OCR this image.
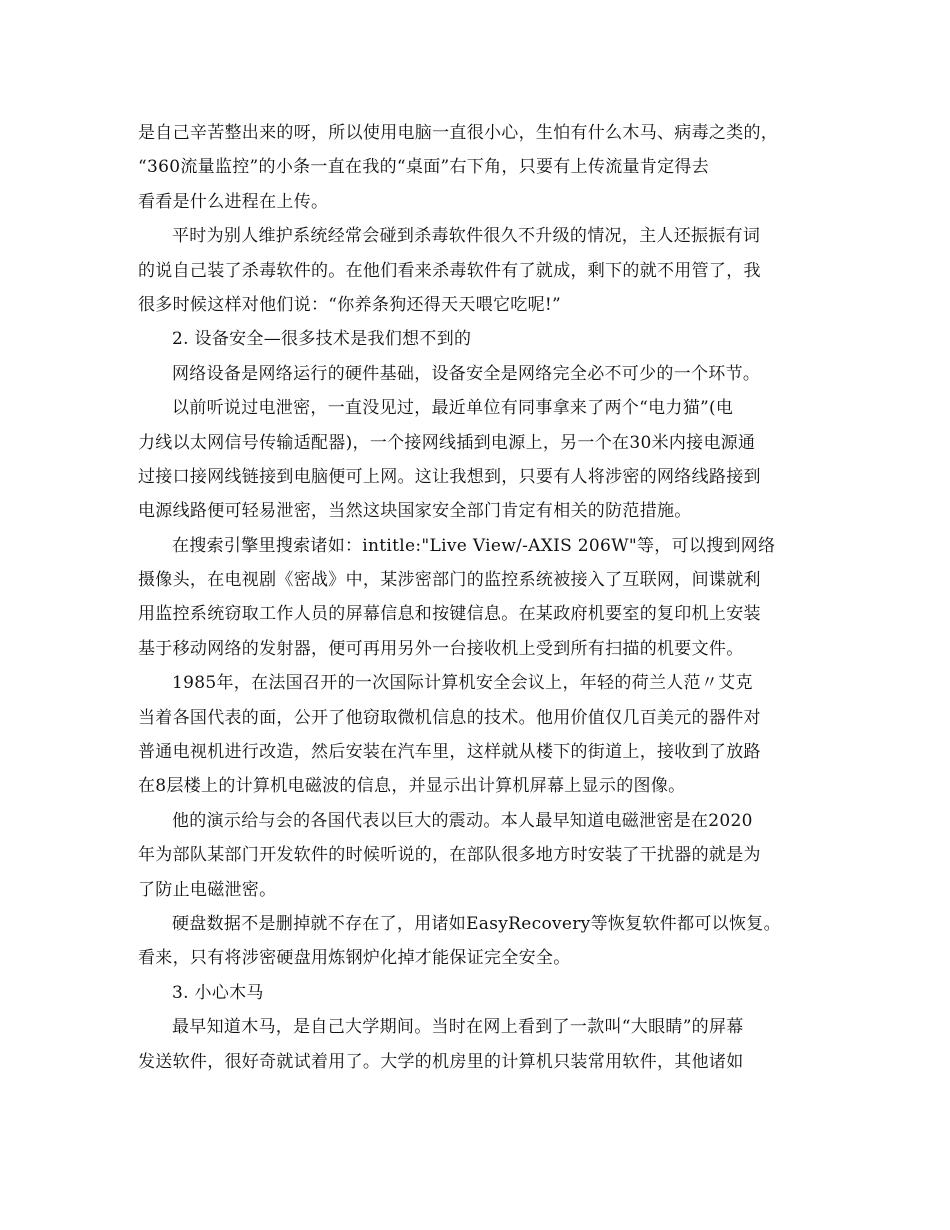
是自己辛苦整出来的呀，所以使用电脑一直很小心，生怕有什么木马、病毒之类的，
“360流量监控”的小条一直在我的“桌面”右下角，只要有上传流量肯定得去
看看是什么进程在上传。
平时为别人维护系统经常会碰到杀毒软件很久不升级的情况，主人还振振有词
的说自己装了杀毒软件的。在他们看来杀毒软件有了就成，剩下的就不用管了，我
很多时候这样对他们说：“你养条狗还得天天喂它吃呢!”
2. 设备安全—很多技术是我们想不到的
网络设备是网络运行的硬件基础，设备安全是网络完全必不可少的一个环节。
以前听说过电泄密，一直没见过，最近单位有同事拿来了两个“电力猫”(电
力线以太网信号传输适配器)，一个接网线插到电源上，另一个在30米内接电源通
过接口接网线链接到电脑便可上网。这让我想到，只要有人将涉密的网络线路接到
电源线路便可轻易泄密，当然这块国家安全部门肯定有相关的防范措施。
在搜索引擎里搜索诸如：intitle:"Live View/-AXIS 206W"等，可以搜到网络
摄像头，在电视剧《密战》中，某涉密部门的监控系统被接入了互联网，间谍就利
用监控系统窃取工作人员的屏幕信息和按键信息。在某政府机要室的复印机上安装
基于移动网络的发射器，便可再用另外一台接收机上受到所有扫描的机要文件。
1985年，在法国召开的一次国际计算机安全会议上，年轻的荷兰人范〃艾克
当着各国代表的面，公开了他窃取微机信息的技术。他用价值仅几百美元的器件对
普通电视机进行改造，然后安装在汽车里，这样就从楼下的街道上，接收到了放路
在8层楼上的计算机电磁波的信息，并显示出计算机屏幕上显示的图像。
他的演示给与会的各国代表以巨大的震动。本人最早知道电磁泄密是在2020
年为部队某部门开发软件的时候听说的，在部队很多地方时安装了干扰器的就是为
了防止电磁泄密。
硬盘数据不是删掉就不存在了，用诸如EasyRecovery等恢复软件都可以恢复。
看来，只有将涉密硬盘用炼钢炉化掉才能保证完全安全。
3. 小心木马
最早知道木马，是自己大学期间。当时在网上看到了一款叫“大眼睛”的屏幕
发送软件，很好奇就试着用了。大学的机房里的计算机只装常用软件，其他诸如
